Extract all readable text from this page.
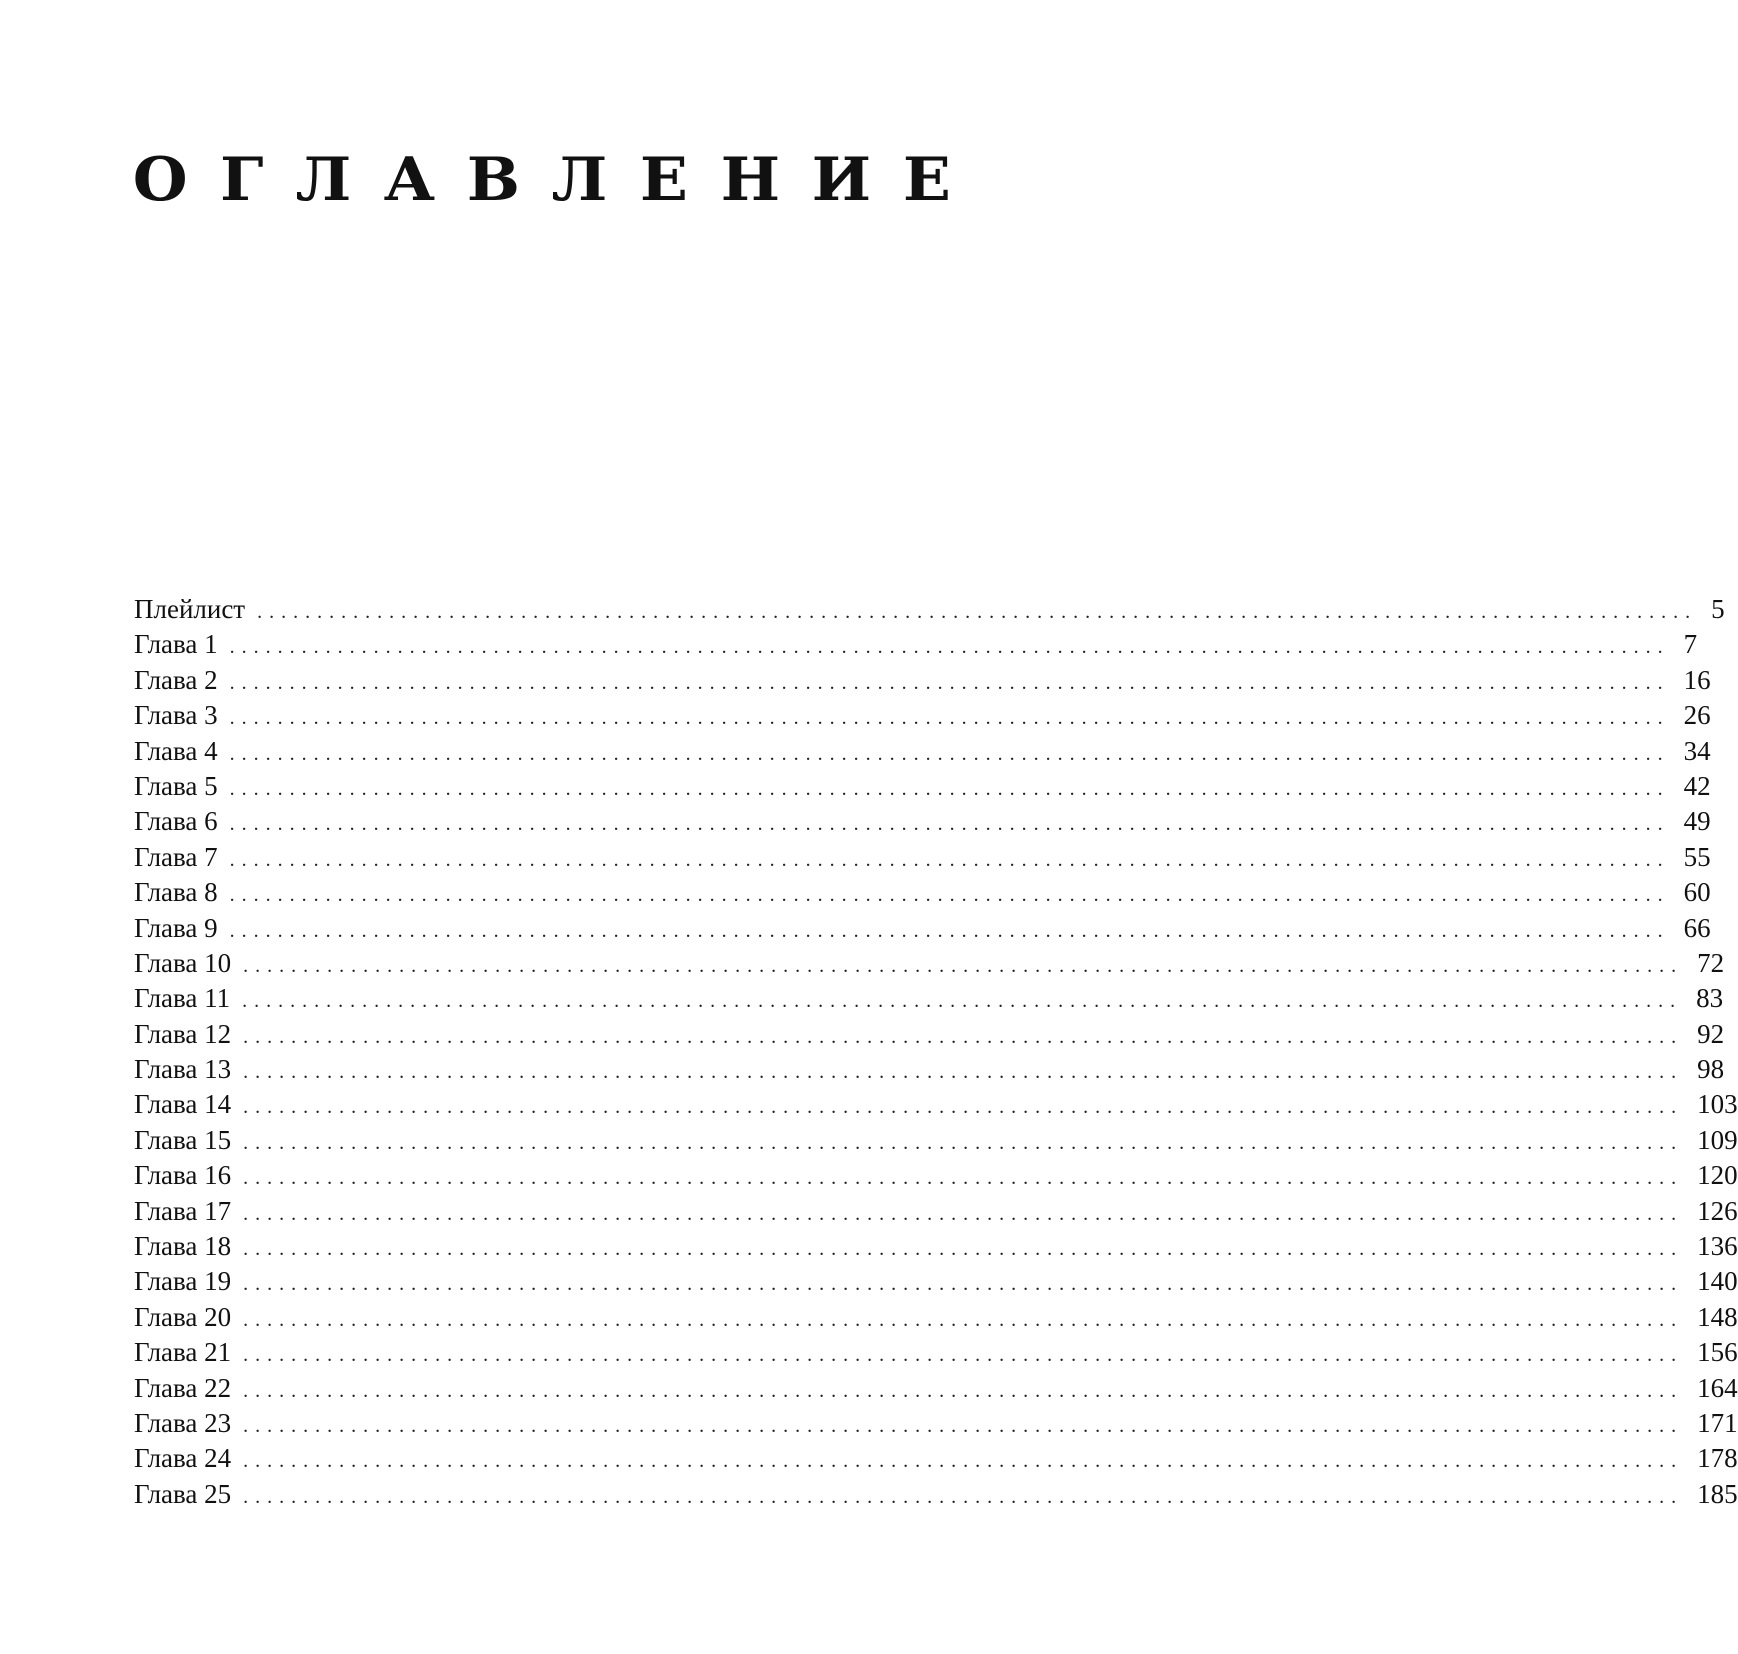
О Г Л А В Л Е Н И Е
Плейлист ........................................................................................................................ 5
Глава 1 ........................................................................................................................ 7
Глава 2 ........................................................................................................................ 16
Глава 3 ........................................................................................................................ 26
Глава 4 ........................................................................................................................ 34
Глава 5 ........................................................................................................................ 42
Глава 6 ........................................................................................................................ 49
Глава 7 ........................................................................................................................ 55
Глава 8 ........................................................................................................................ 60
Глава 9 ........................................................................................................................ 66
Глава 10 ........................................................................................................................ 72
Глава 11 ........................................................................................................................ 83
Глава 12 ........................................................................................................................ 92
Глава 13 ........................................................................................................................ 98
Глава 14 ........................................................................................................................ 103
Глава 15 ........................................................................................................................ 109
Глава 16 ........................................................................................................................ 120
Глава 17 ........................................................................................................................ 126
Глава 18 ........................................................................................................................ 136
Глава 19 ........................................................................................................................ 140
Глава 20 ........................................................................................................................ 148
Глава 21 ........................................................................................................................ 156
Глава 22 ........................................................................................................................ 164
Глава 23 ........................................................................................................................ 171
Глава 24 ........................................................................................................................ 178
Глава 25 ........................................................................................................................ 185
